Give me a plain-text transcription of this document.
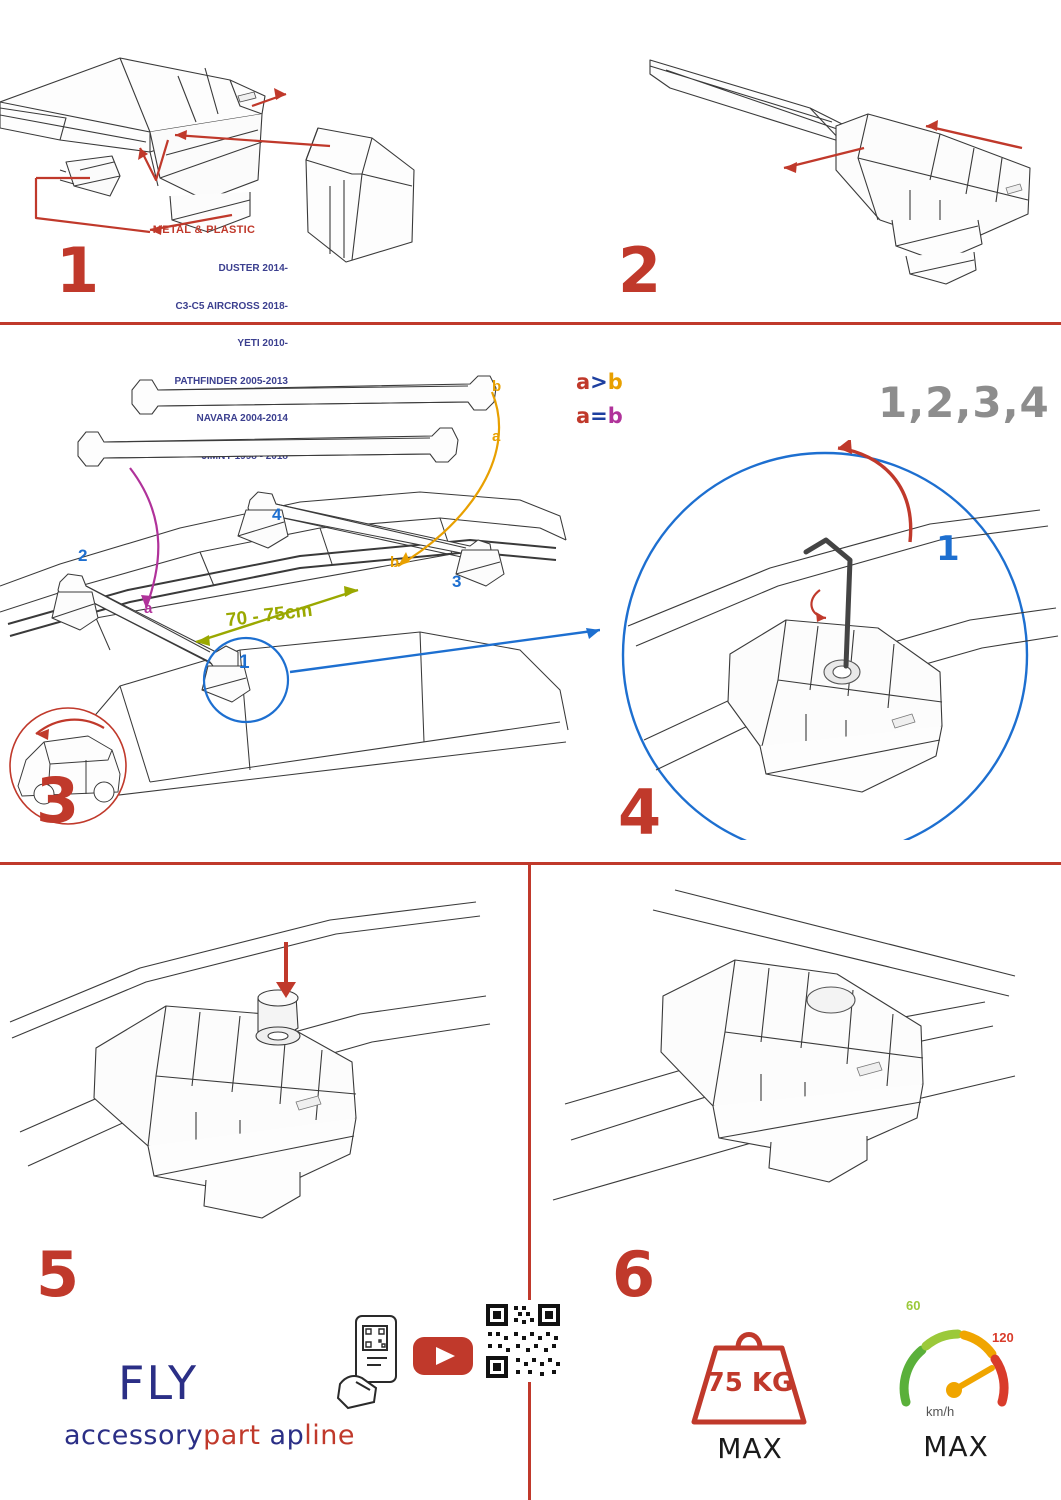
METAL & PLASTIC

DUSTER 2014-

C3-C5 AIRCROSS 2018-

YETI 2010-

PATHFINDER 2005-2013

NAVARA 2004-2014

1	2
b
a
a
b
2
4
3
1
70 - 75cm
a>b
a=b
3
1,2,3,4
1
4
5	6
FLY
accessorypart apline
75 KG
MAX
60
120
km/h
MAX
